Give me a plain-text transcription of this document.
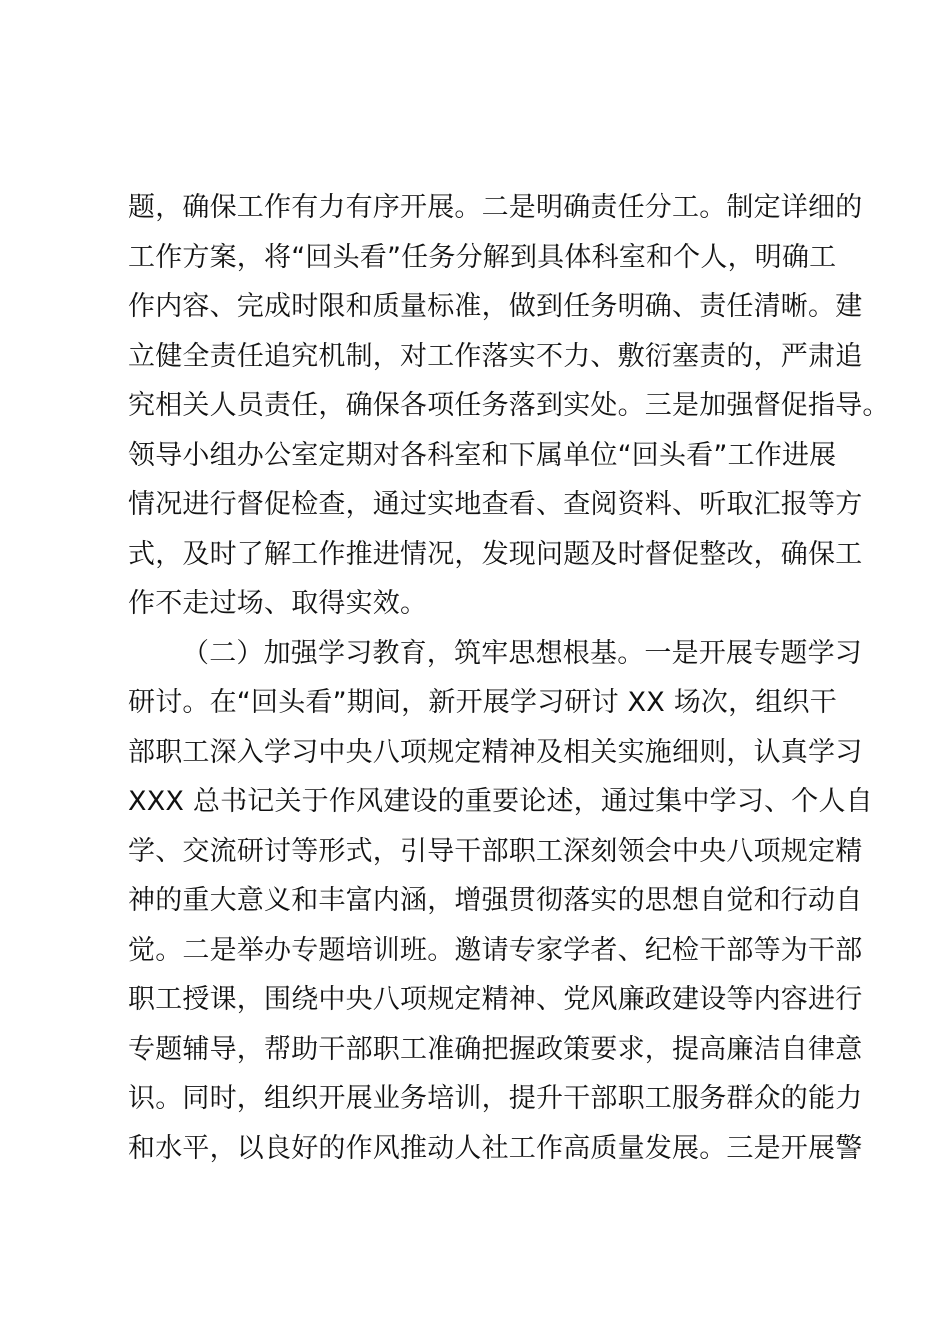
题，确保工作有力有序开展。二是明确责任分工。制定详细的
工作方案，将“回头看”任务分解到具体科室和个人，明确工
作内容、完成时限和质量标准，做到任务明确、责任清晰。建
立健全责任追究机制，对工作落实不力、敷衍塞责的，严肃追
究相关人员责任，确保各项任务落到实处。三是加强督促指导。
领导小组办公室定期对各科室和下属单位“回头看”工作进展
情况进行督促检查，通过实地查看、查阅资料、听取汇报等方
式，及时了解工作推进情况，发现问题及时督促整改，确保工
作不走过场、取得实效。
（二）加强学习教育，筑牢思想根基。一是开展专题学习
研讨。在“回头看”期间，新开展学习研讨 XX 场次，组织干
部职工深入学习中央八项规定精神及相关实施细则，认真学习
XXX 总书记关于作风建设的重要论述，通过集中学习、个人自
学、交流研讨等形式，引导干部职工深刻领会中央八项规定精
神的重大意义和丰富内涵，增强贯彻落实的思想自觉和行动自
觉。二是举办专题培训班。邀请专家学者、纪检干部等为干部
职工授课，围绕中央八项规定精神、党风廉政建设等内容进行
专题辅导，帮助干部职工准确把握政策要求，提高廉洁自律意
识。同时，组织开展业务培训，提升干部职工服务群众的能力
和水平，以良好的作风推动人社工作高质量发展。三是开展警
